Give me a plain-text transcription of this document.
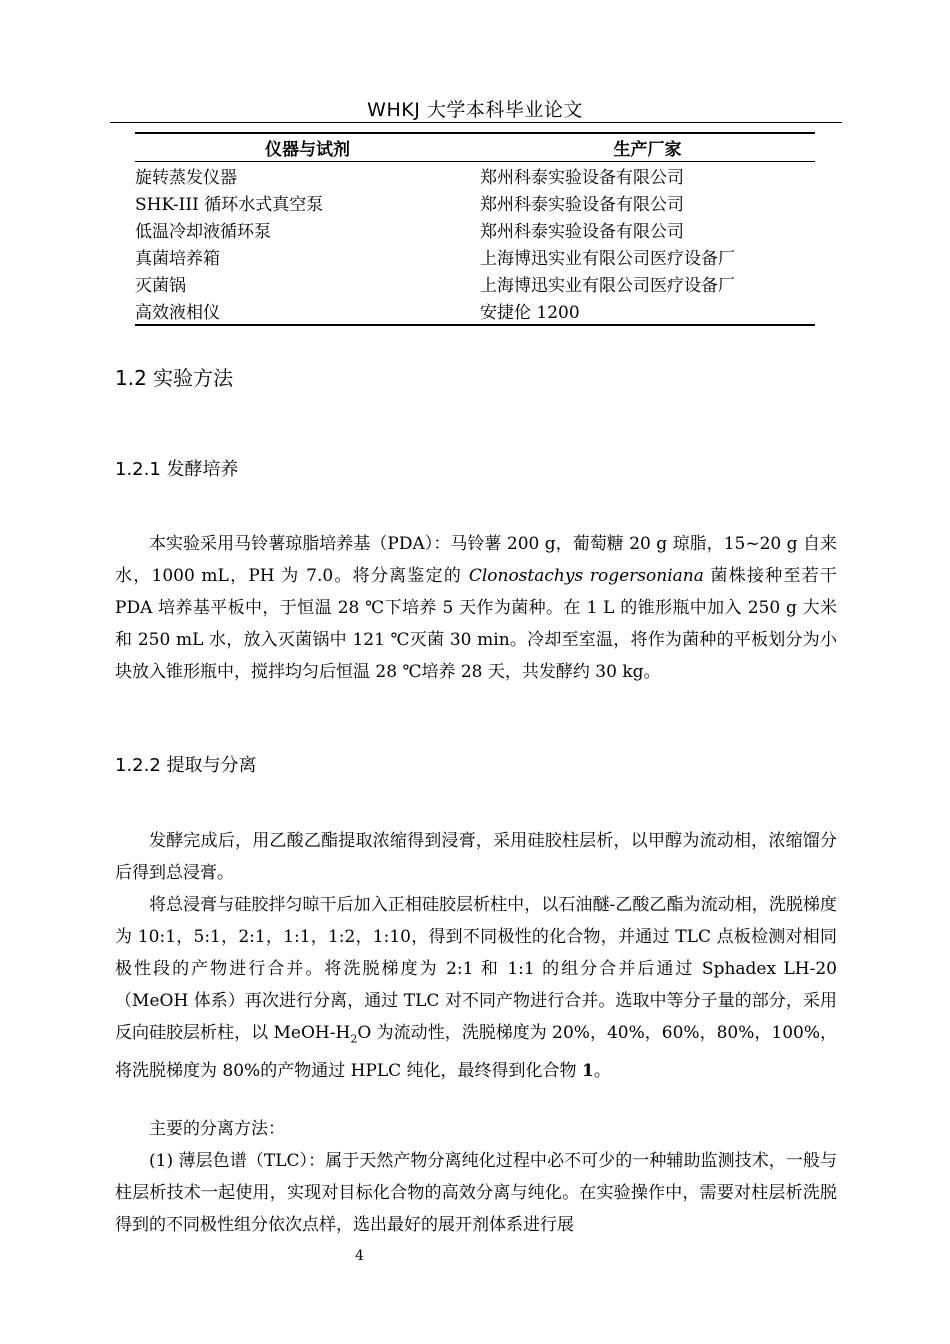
WHKJ 大学本科毕业论文
仪器与试剂	生产厂家
旋转蒸发仪器	郑州科泰实验设备有限公司
SHK-III 循环水式真空泵	郑州科泰实验设备有限公司
低温冷却液循环泵	郑州科泰实验设备有限公司
真菌培养箱	上海博迅实业有限公司医疗设备厂
灭菌锅	上海博迅实业有限公司医疗设备厂
高效液相仪	安捷伦 1200
1.2 实验方法
1.2.1 发酵培养

本实验采用马铃薯琼脂培养基（PDA）：马铃薯 200 g，葡萄糖 20 g 琼脂，15~20 g 自来水，1000 mL，PH 为 7.0。将分离鉴定的 Clonostachys rogersoniana 菌株接种至若干 PDA 培养基平板中，于恒温 28 ℃下培养 5 天作为菌种。在 1 L 的锥形瓶中加入 250 g 大米和 250 mL 水，放入灭菌锅中 121 ℃灭菌 30 min。冷却至室温，将作为菌种的平板划分为小块放入锥形瓶中，搅拌均匀后恒温 28 ℃培养 28 天，共发酵约 30 kg。

1.2.2 提取与分离

发酵完成后，用乙酸乙酯提取浓缩得到浸膏，采用硅胶柱层析，以甲醇为流动相，浓缩馏分后得到总浸膏。

将总浸膏与硅胶拌匀晾干后加入正相硅胶层析柱中，以石油醚-乙酸乙酯为流动相，洗脱梯度为 10:1，5:1，2:1，1:1，1:2，1:10，得到不同极性的化合物，并通过 TLC 点板检测对相同极性段的产物进行合并。将洗脱梯度为 2:1 和 1:1 的组分合并后通过 Sphadex LH-20（MeOH 体系）再次进行分离，通过 TLC 对不同产物进行合并。选取中等分子量的部分，采用反向硅胶层析柱，以 MeOH-$H_2O$ 为流动性，洗脱梯度为 20%，40%，60%，80%，100%，将洗脱梯度为 80%的产物通过 HPLC 纯化，最终得到化合物 1。

主要的分离方法：

(1) 薄层色谱（TLC）：属于天然产物分离纯化过程中必不可少的一种辅助监测技术，一般与柱层析技术一起使用，实现对目标化合物的高效分离与纯化。在实验操作中，需要对柱层析洗脱得到的不同极性组分依次点样，选出最好的展开剂体系进行展

4
